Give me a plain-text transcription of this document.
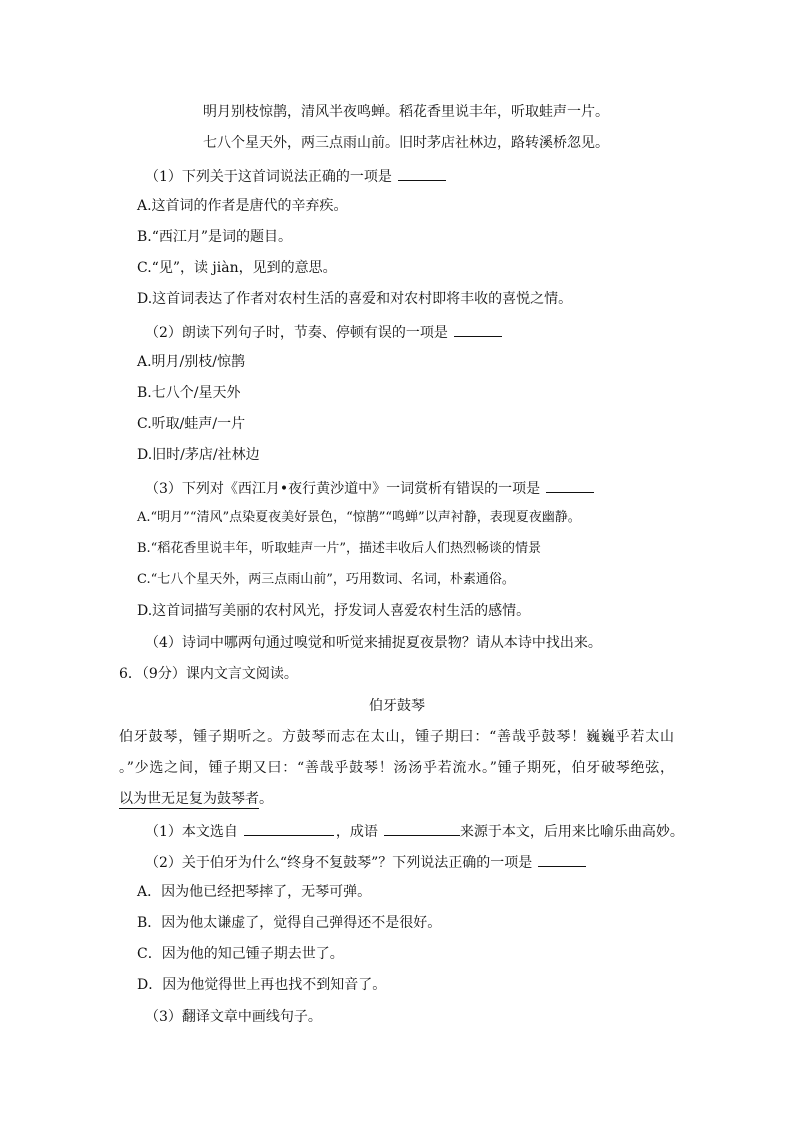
明月别枝惊鹊，清风半夜鸣蝉。稻花香里说丰年，听取蛙声一片。
七八个星天外，两三点雨山前。旧时茅店社林边，路转溪桥忽见。
（1）下列关于这首词说法正确的一项是
A.这首词的作者是唐代的辛弃疾。
B.“西江月”是词的题目。
C.“见”，读 jiàn，见到的意思。
D.这首词表达了作者对农村生活的喜爱和对农村即将丰收的喜悦之情。
（2）朗读下列句子时，节奏、停顿有误的一项是
A.明月/别枝/惊鹊
B.七八个/星天外
C.听取/蛙声/一片
D.旧时/茅店/社林边
（3）下列对《西江月•夜行黄沙道中》一词赏析有错误的一项是
A.“明月”“清风”点染夏夜美好景色，“惊鹊”“鸣蝉”以声衬静，表现夏夜幽静。
B.“稻花香里说丰年，听取蛙声一片”，描述丰收后人们热烈畅谈的情景
C.“七八个星天外，两三点雨山前”，巧用数词、名词，朴素通俗。
D.这首词描写美丽的农村风光，抒发词人喜爱农村生活的感情。
（4）诗词中哪两句通过嗅觉和听觉来捕捉夏夜景物？请从本诗中找出来。
6．（9分）课内文言文阅读。
伯牙鼓琴
伯牙鼓琴，锺子期听之。方鼓琴而志在太山，锺子期曰：“善哉乎鼓琴！巍巍乎若太山
。”少选之间，锺子期又曰：“善哉乎鼓琴！汤汤乎若流水。”锺子期死，伯牙破琴绝弦，
以为世无足复为鼓琴者。
（1）本文选自	，成语	来源于本文，后用来比喻乐曲高妙。
（2）关于伯牙为什么“终身不复鼓琴”？下列说法正确的一项是
A．因为他已经把琴摔了，无琴可弹。
B．因为他太谦虚了，觉得自己弹得还不是很好。
C．因为他的知己锺子期去世了。
D．因为他觉得世上再也找不到知音了。
（3）翻译文章中画线句子。
